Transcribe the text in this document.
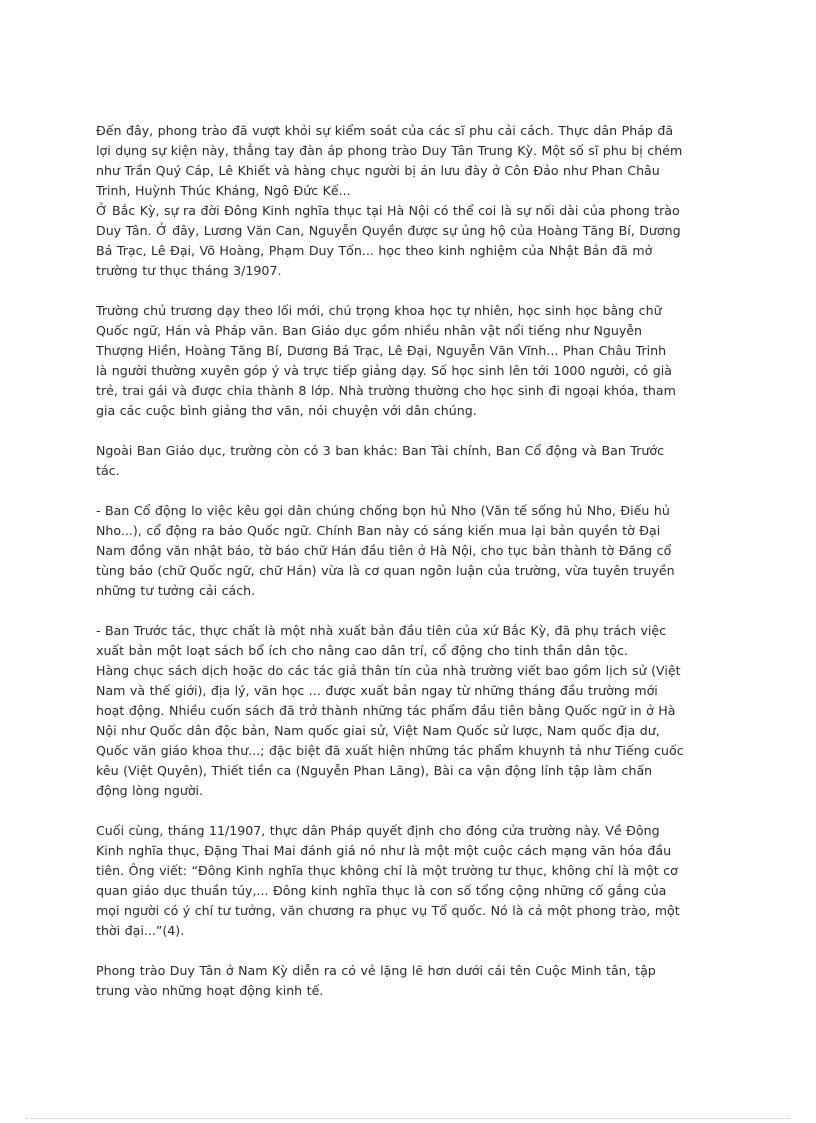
Đến đây, phong trào đã vượt khỏi sự kiểm soát của các sĩ phu cải cách. Thực dân Pháp đã
lợi dụng sự kiện này, thẳng tay đàn áp phong trào Duy Tân Trung Kỳ. Một số sĩ phu bị chém
như Trần Quý Cáp, Lê Khiết và hàng chục người bị án lưu đày ở Côn Đảo như Phan Châu
Trinh, Huỳnh Thúc Kháng, Ngô Đức Kế...

Ở Bắc Kỳ, sự ra đời Đông Kinh nghĩa thục tại Hà Nội có thể coi là sự nối dài của phong trào
Duy Tân. Ở đây, Lương Văn Can, Nguyễn Quyền được sự ủng hộ của Hoàng Tăng Bí, Dương
Bá Trạc, Lê Đại, Võ Hoàng, Phạm Duy Tốn... học theo kinh nghiệm của Nhật Bản đã mở
trường tư thục tháng 3/1907.

Trường chủ trương dạy theo lối mới, chú trọng khoa học tự nhiên, học sinh học bằng chữ
Quốc ngữ, Hán và Pháp văn. Ban Giáo dục gồm nhiều nhân vật nổi tiếng như Nguyễn
Thượng Hiền, Hoàng Tăng Bí, Dương Bá Trạc, Lê Đại, Nguyễn Văn Vĩnh... Phan Châu Trinh
là người thường xuyên góp ý và trực tiếp giảng dạy. Số học sinh lên tới 1000 người, có già
trẻ, trai gái và được chia thành 8 lớp. Nhà trường thường cho học sinh đi ngoại khóa, tham
gia các cuộc bình giảng thơ văn, nói chuyện với dân chúng.

Ngoài Ban Giáo dục, trường còn có 3 ban khác: Ban Tài chính, Ban Cổ động và Ban Trước
tác.

- Ban Cổ động lo việc kêu gọi dân chúng chống bọn hủ Nho (Văn tế sống hủ Nho, Điếu hủ
Nho...), cổ động ra báo Quốc ngữ. Chính Ban này có sáng kiến mua lại bản quyền tờ Đại
Nam đồng văn nhật báo, tờ báo chữ Hán đầu tiên ở Hà Nội, cho tục bản thành tờ Đăng cổ
tùng báo (chữ Quốc ngữ, chữ Hán) vừa là cơ quan ngôn luận của trường, vừa tuyên truyền
những tư tưởng cải cách.

- Ban Trước tác, thực chất là một nhà xuất bản đầu tiên của xứ Bắc Kỳ, đã phụ trách việc
xuất bản một loạt sách bổ ích cho nâng cao dân trí, cổ động cho tinh thần dân tộc.

Hàng chục sách dịch hoặc do các tác giả thân tín của nhà trường viết bao gồm lịch sử (Việt
Nam và thế giới), địa lý, văn học ... được xuất bản ngay từ những tháng đầu trường mới
hoạt động. Nhiều cuốn sách đã trở thành những tác phẩm đầu tiên bằng Quốc ngữ in ở Hà
Nội như Quốc dân độc bản, Nam quốc giai sử, Việt Nam Quốc sử lược, Nam quốc địa dư,
Quốc văn giáo khoa thư...; đặc biệt đã xuất hiện những tác phẩm khuynh tả như Tiếng cuốc
kêu (Việt Quyên), Thiết tiền ca (Nguyễn Phan Lãng), Bài ca vận động lính tập làm chấn
động lòng người.

Cuối cùng, tháng 11/1907, thực dân Pháp quyết định cho đóng cửa trường này. Về Đông
Kinh nghĩa thục, Đặng Thai Mai đánh giá nó như là một một cuộc cách mạng văn hóa đầu
tiên. Ông viết: “Đông Kinh nghĩa thục không chỉ là một trường tư thục, không chỉ là một cơ
quan giáo dục thuần túy,... Đông kinh nghĩa thục là con số tổng cộng những cố gắng của
mọi người có ý chí tư tưởng, văn chương ra phục vụ Tổ quốc. Nó là cả một phong trào, một
thời đại...”(4).

Phong trào Duy Tân ở Nam Kỳ diễn ra có vẻ lặng lẽ hơn dưới cái tên Cuộc Minh tân, tập
trung vào những hoạt động kinh tế.
